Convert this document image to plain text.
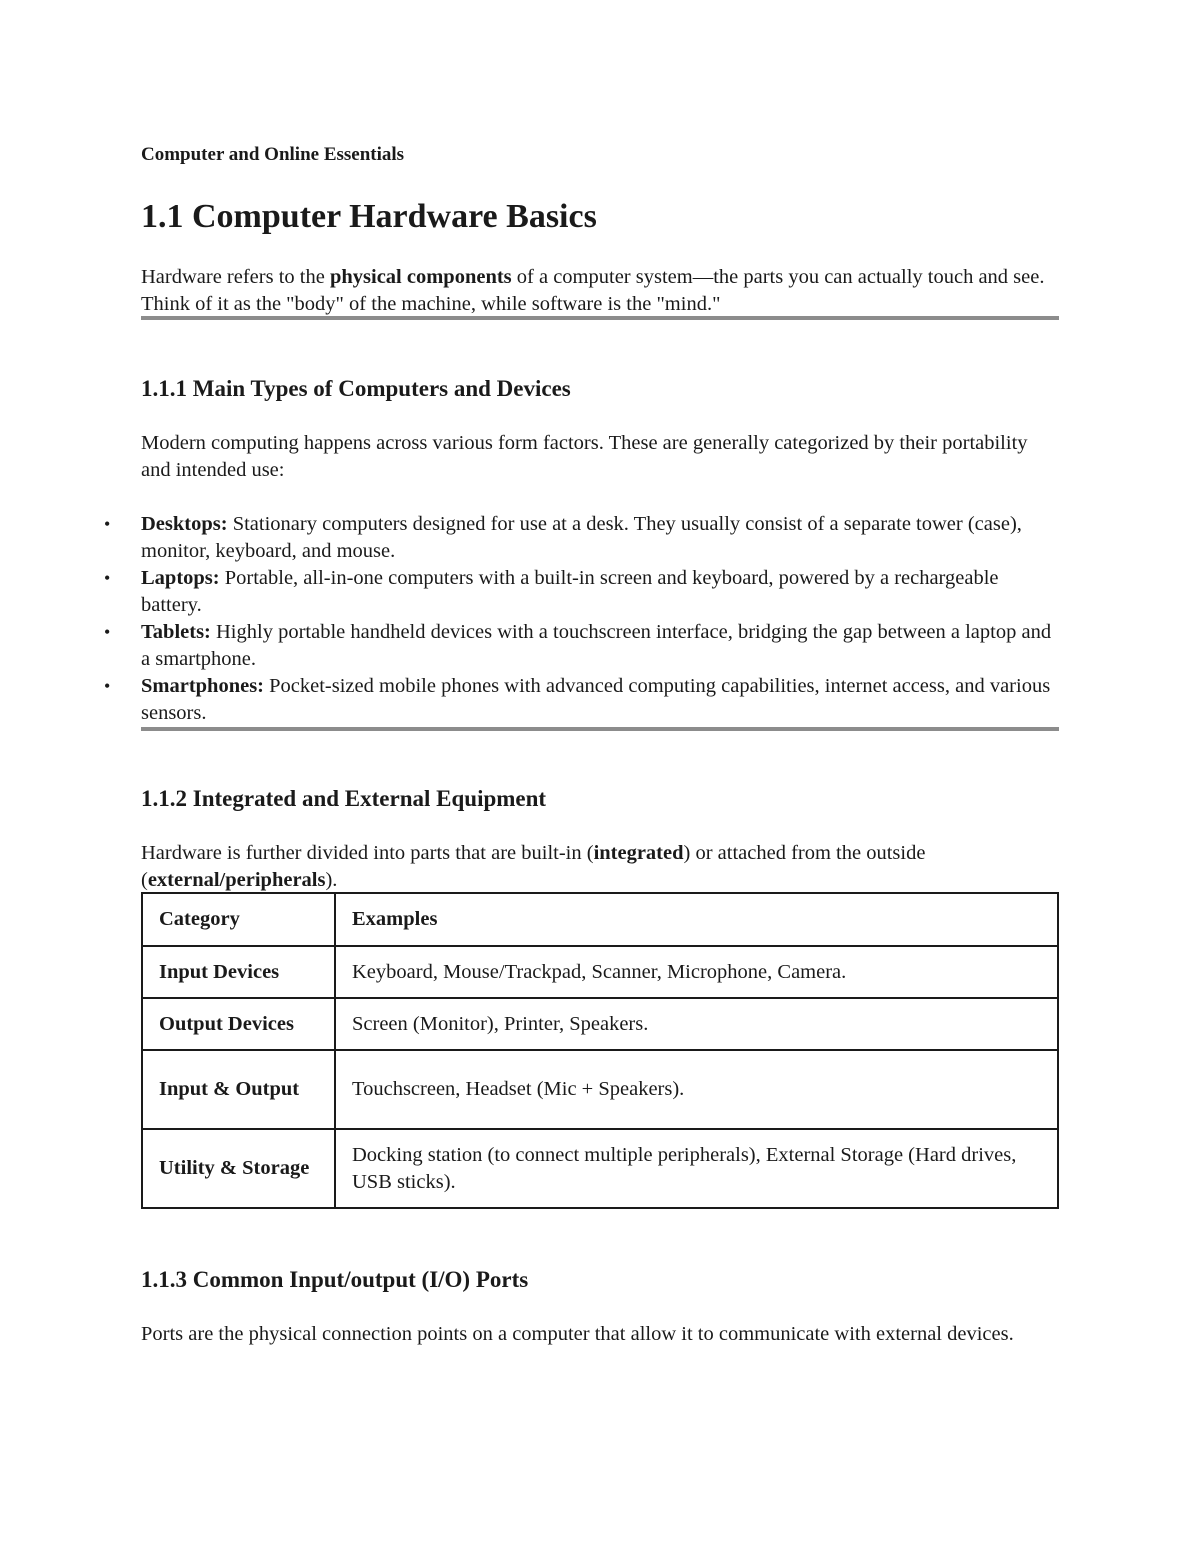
Computer and Online Essentials
1.1 Computer Hardware Basics

Hardware refers to the physical components of a computer system—the parts you can actually touch and see. Think of it as the "body" of the machine, while software is the "mind."

1.1.1 Main Types of Computers and Devices

Modern computing happens across various form factors. These are generally categorized by their portability and intended use:

• Desktops: Stationary computers designed for use at a desk. They usually consist of a separate tower (case), monitor, keyboard, and mouse.
• Laptops: Portable, all-in-one computers with a built-in screen and keyboard, powered by a rechargeable battery.
• Tablets: Highly portable handheld devices with a touchscreen interface, bridging the gap between a laptop and a smartphone.
• Smartphones: Pocket-sized mobile phones with advanced computing capabilities, internet access, and various sensors.
1.1.2 Integrated and External Equipment

Hardware is further divided into parts that are built-in (integrated) or attached from the outside (external/peripherals).

Category	Examples
Input Devices	Keyboard, Mouse/Trackpad, Scanner, Microphone, Camera.
Output Devices	Screen (Monitor), Printer, Speakers.
Input & Output	Touchscreen, Headset (Mic + Speakers).
Utility & Storage	Docking station (to connect multiple peripherals), External Storage (Hard drives, USB sticks).
1.1.3 Common Input/output (I/O) Ports

Ports are the physical connection points on a computer that allow it to communicate with external devices.
